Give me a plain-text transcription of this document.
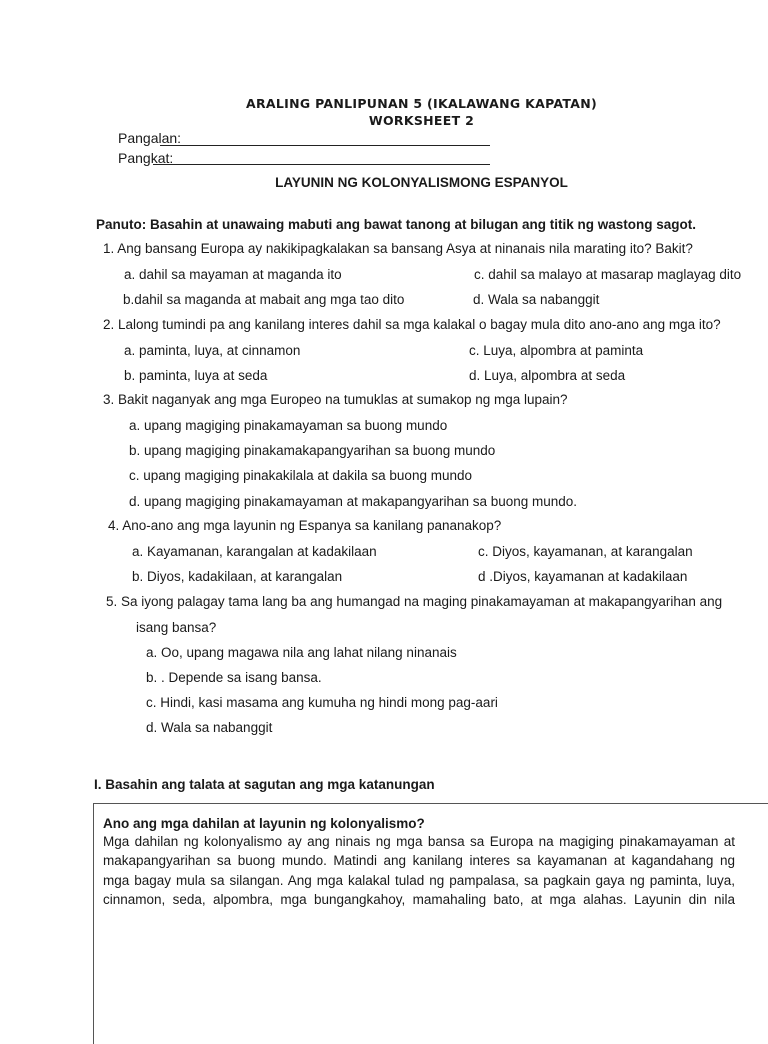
ARALING PANLIPUNAN 5 (IKALAWANG KAPATAN)
WORKSHEET 2
Pangalan:
Pangkat:
LAYUNIN NG KOLONYALISMONG ESPANYOL
Panuto: Basahin at unawaing mabuti ang bawat tanong at bilugan ang titik ng wastong sagot.
1. Ang bansang Europa ay nakikipagkalakan sa bansang Asya at ninanais nila marating ito? Bakit?
a. dahil sa mayaman at maganda ito	c. dahil sa malayo at masarap maglayag dito
b.dahil sa maganda at mabait ang mga tao dito	d. Wala sa nabanggit
2. Lalong tumindi pa ang kanilang interes dahil sa mga kalakal o bagay mula dito ano-ano ang mga ito?
a. paminta, luya, at cinnamon	c. Luya, alpombra at paminta
b. paminta, luya at seda	d. Luya, alpombra at seda
3. Bakit naganyak ang mga Europeo na tumuklas at sumakop ng mga lupain?
a. upang magiging pinakamayaman sa buong mundo
b. upang magiging pinakamakapangyarihan sa buong mundo
c. upang magiging pinakakilala at dakila sa buong mundo
d. upang magiging pinakamayaman at makapangyarihan sa buong mundo.
4. Ano-ano ang mga layunin ng Espanya sa kanilang pananakop?
a. Kayamanan, karangalan at kadakilaan	c. Diyos, kayamanan, at karangalan
b. Diyos, kadakilaan, at karangalan	d .Diyos, kayamanan at kadakilaan
5. Sa iyong palagay tama lang ba ang humangad na maging pinakamayaman at makapangyarihan ang
isang bansa?
a. Oo, upang magawa nila ang lahat nilang ninanais
b. . Depende sa isang bansa.
c. Hindi, kasi masama ang kumuha ng hindi mong pag-aari
d. Wala sa nabanggit
I. Basahin ang talata at sagutan ang mga katanungan
Ano ang mga dahilan at layunin ng kolonyalismo?
Mga dahilan ng kolonyalismo ay ang ninais ng mga bansa sa Europa na magiging pinakamayaman at
makapangyarihan sa buong mundo. Matindi ang kanilang interes sa kayamanan at kagandahang ng
mga bagay mula sa silangan. Ang mga kalakal tulad ng pampalasa, sa pagkain gaya ng paminta, luya,
cinnamon, seda, alpombra, mga bungangkahoy, mamahaling bato, at mga alahas. Layunin din nila
